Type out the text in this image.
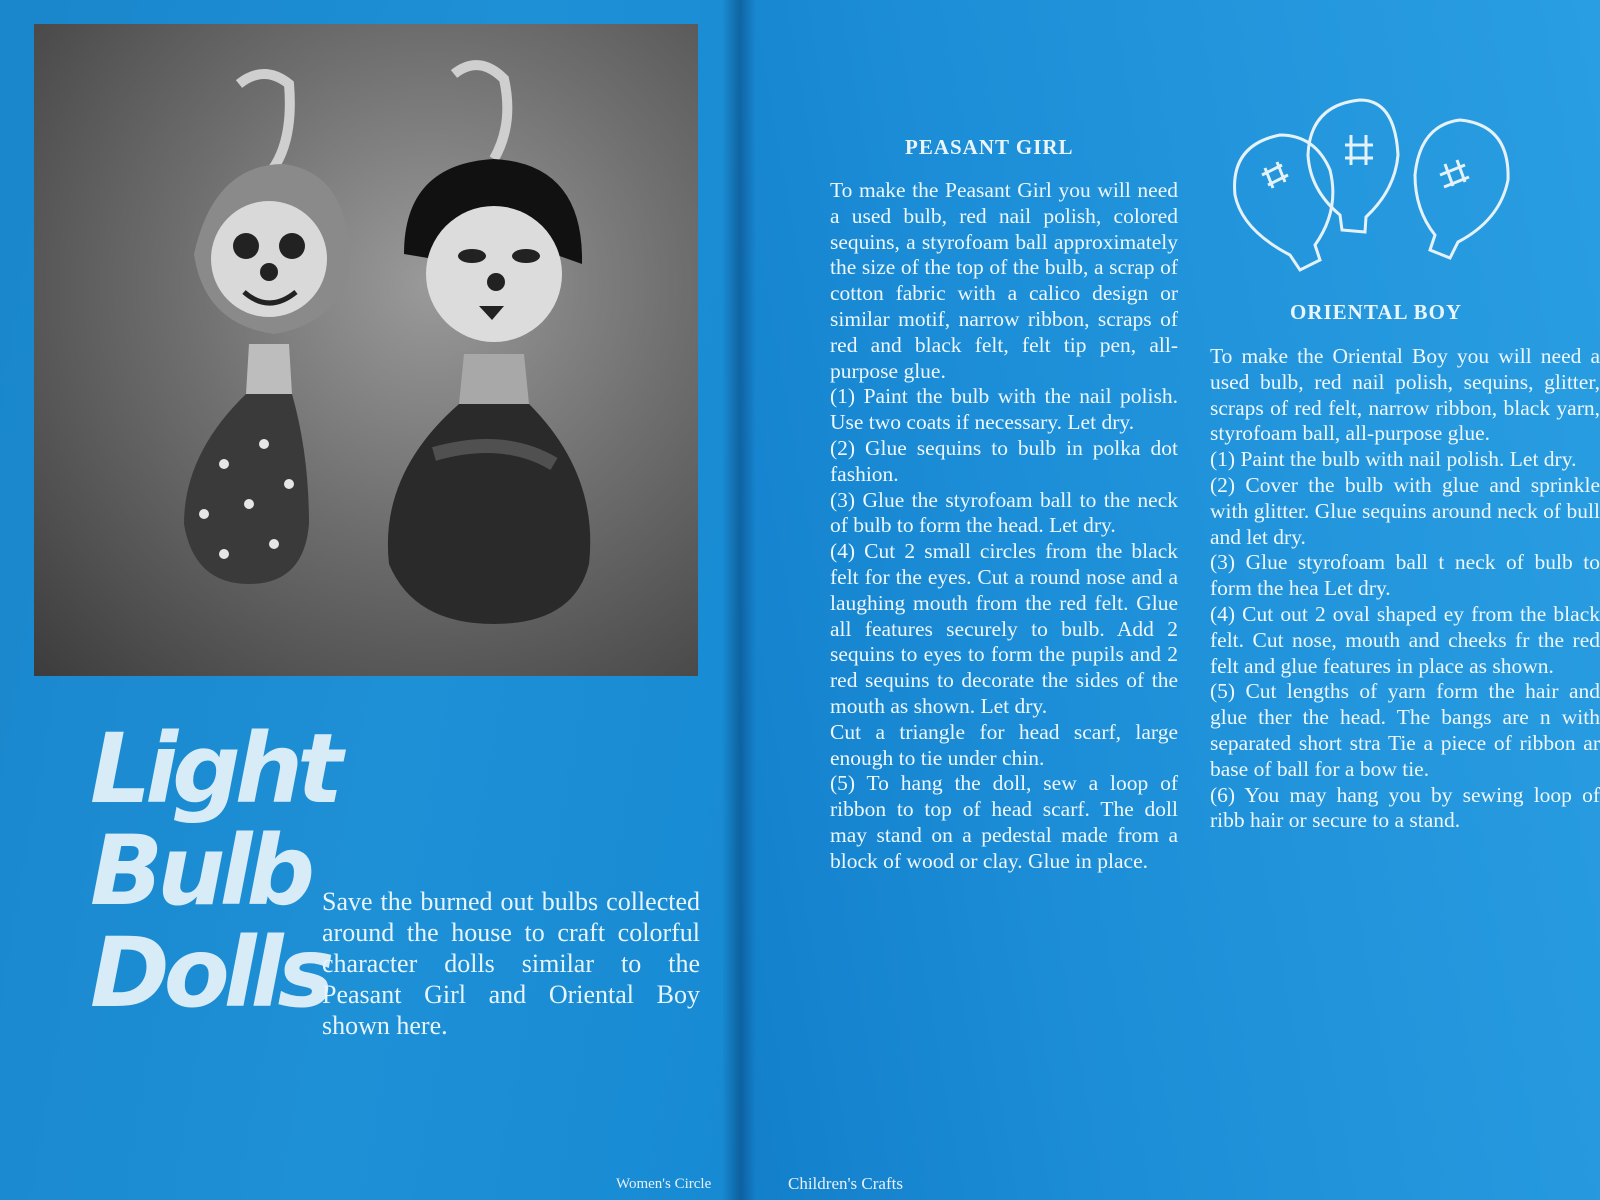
Light
Bulb
Dolls
Save the burned out bulbs collected around the house to craft colorful character dolls similar to the Peasant Girl and Oriental Boy shown here.
Women's Circle
PEASANT GIRL

To make the Peasant Girl you will need a used bulb, red nail polish, colored sequins, a styrofoam ball approximately the size of the top of the bulb, a scrap of cotton fabric with a calico design or similar motif, narrow ribbon, scraps of red and black felt, felt tip pen, all-purpose glue.

(1) Paint the bulb with the nail polish. Use two coats if necessary. Let dry.

(2) Glue sequins to bulb in polka dot fashion.

(3) Glue the styrofoam ball to the neck of bulb to form the head. Let dry.

(4) Cut 2 small circles from the black felt for the eyes. Cut a round nose and a laughing mouth from the red felt. Glue all features securely to bulb. Add 2 sequins to eyes to form the pupils and 2 red sequins to decorate the sides of the mouth as shown. Let dry.

Cut a triangle for head scarf, large enough to tie under chin.

(5) To hang the doll, sew a loop of ribbon to top of head scarf. The doll may stand on a pedestal made from a block of wood or clay. Glue in place.

ORIENTAL BOY

To make the Oriental Boy you will need a used bulb, red nail polish, sequins, glitter, scraps of red felt, narrow ribbon, black yarn, styrofoam ball, all-purpose glue.

(1) Paint the bulb with nail polish. Let dry.

(2) Cover the bulb with glue and sprinkle with glitter. Glue sequins around neck of bull and let dry.

(3) Glue styrofoam ball t neck of bulb to form the hea Let dry.

(4) Cut out 2 oval shaped ey from the black felt. Cut nose, mouth and cheeks fr the red felt and glue features in place as shown.

(5) Cut lengths of yarn form the hair and glue ther the head. The bangs are n with separated short stra Tie a piece of ribbon ar base of ball for a bow tie.

(6) You may hang you by sewing loop of ribb hair or secure to a stand.

Children's Crafts
